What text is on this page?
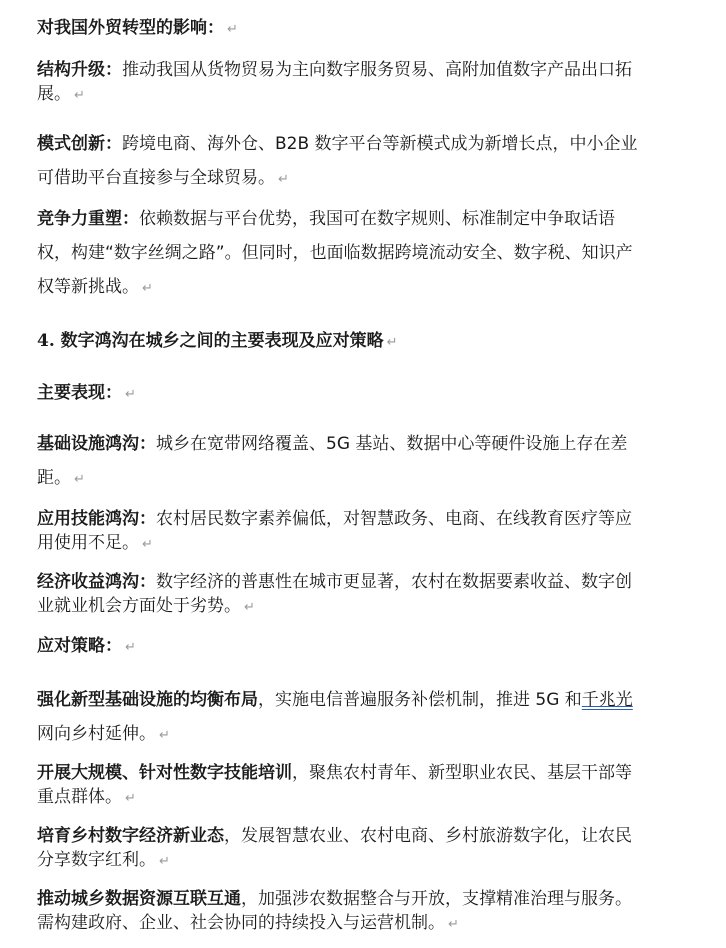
对我国外贸转型的影响： ↵

结构升级：推动我国从货物贸易为主向数字服务贸易、高附加值数字产品出口拓展。 ↵

模式创新：跨境电商、海外仓、B2B 数字平台等新模式成为新增长点，中小企业可借助平台直接参与全球贸易。 ↵

竞争力重塑：依赖数据与平台优势，我国可在数字规则、标准制定中争取话语权，构建“数字丝绸之路”。但同时，也面临数据跨境流动安全、数字税、知识产权等新挑战。 ↵

4. 数字鸿沟在城乡之间的主要表现及应对策略 ↵

主要表现： ↵

基础设施鸿沟：城乡在宽带网络覆盖、5G 基站、数据中心等硬件设施上存在差距。 ↵

应用技能鸿沟：农村居民数字素养偏低，对智慧政务、电商、在线教育医疗等应用使用不足。 ↵

经济收益鸿沟：数字经济的普惠性在城市更显著，农村在数据要素收益、数字创业就业机会方面处于劣势。 ↵

应对策略： ↵

强化新型基础设施的均衡布局，实施电信普遍服务补偿机制，推进 5G 和千兆光网向乡村延伸。 ↵

开展大规模、针对性数字技能培训，聚焦农村青年、新型职业农民、基层干部等重点群体。 ↵

培育乡村数字经济新业态，发展智慧农业、农村电商、乡村旅游数字化，让农民分享数字红利。 ↵

推动城乡数据资源互联互通，加强涉农数据整合与开放，支撑精准治理与服务。需构建政府、企业、社会协同的持续投入与运营机制。 ↵
